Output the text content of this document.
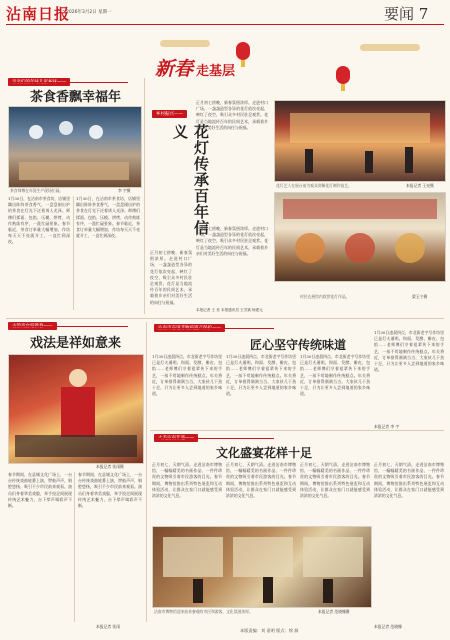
沾南日报
2026年3月2日 星期一	要闻 7
新春 走基层
茶食香飘幸福年
茶食师傅在年货生产现场忙碌。	李 宇摄
1月30日，在沾南市茶食坊，店铺里飘出阵阵茶食香气，一盘盘刚出炉的茶食在灯光下泛着诱人光泽。师傅们揉面、包馅、压模、烘烤，动作熟练有序，一派忙碌景象。春节临近，茶食订单量大幅增加，作坊每天天不亮就开工，一直忙到深夜。
1月30日，在沾南市茶食坊，店铺里飘出阵阵茶食香气，一盘盘刚出炉的茶食在灯光下泛着诱人光泽。师傅们揉面、包馅、压模、烘烤，动作熟练有序，一派忙碌景象。春节临近，茶食订单量大幅增加，作坊每天天不亮就开工，一直忙到深夜。
乡村振兴——
花灯传承百年信义
正月初七傍晚，新春氛围浓厚。走进村口广场，一盏盏造型各异的花灯依次亮起，映红了夜空，吸引众多村民驻足观赏。花灯是当地流传百年的民间艺术，承载着乡亲们对美好生活的向往与祝福。
正月初七傍晚，新春氛围浓厚。走进村口广场，一盏盏造型各异的花灯依次亮起，映红了夜空，吸引众多村民驻足观赏。花灯是当地流传百年的民间艺术，承载着乡亲们对美好生活的向往与祝福。
正月初七傍晚，新春氛围浓厚。走进村口广场，一盏盏造型各异的花灯依次亮起，映红了夜空，吸引众多村民驻足观赏。花灯是当地流传百年的民间艺术，承载着乡亲们对美好生活的向往与祝福。
本报记者 王 亮 本报通讯员 王芳斌 杨建元
花灯艺人在展台前为观众讲解花灯制作技艺。	本报记者 王亮摄
村民在展馆内欣赏花灯作品。	梁玉宁摄
戏法是祥如意来
本报记者 张雨摄
春节期间，在县城文化广场上，一台台传统戏曲轮番上演，锣鼓声声，唱腔悠扬，吸引不少市民前来观看。演员们身着华美戏服，举手投足间展现传统艺术魅力，台下掌声喝彩声不断。
春节期间，在县城文化广场上，一台台传统戏曲轮番上演，锣鼓声声，唱腔悠扬，吸引不少市民前来观看。演员们身着华美戏服，举手投足间展现传统艺术魅力，台下掌声喝彩声不断。
本报记者 张雨
匠心坚守传统味道
1月30日凌晨四点，市北街老字号作坊里已是灯火通明。和面、发酵、擀皮、包馅……老师傅们守着祖辈传下来的手艺，一丝不苟地制作传统糕点。年关将近，订单排得满满当当，大家伙儿干劲十足，只为让更多人尝到地道的家乡味道。
1月30日凌晨四点，市北街老字号作坊里已是灯火通明。和面、发酵、擀皮、包馅……老师傅们守着祖辈传下来的手艺，一丝不苟地制作传统糕点。年关将近，订单排得满满当当，大家伙儿干劲十足，只为让更多人尝到地道的家乡味道。
1月30日凌晨四点，市北街老字号作坊里已是灯火通明。和面、发酵、擀皮、包馅……老师傅们守着祖辈传下来的手艺，一丝不苟地制作传统糕点。年关将近，订单排得满满当当，大家伙儿干劲十足，只为让更多人尝到地道的家乡味道。
1月30日凌晨四点，市北街老字号作坊里已是灯火通明。和面、发酵、擀皮、包馅……老师傅们守着祖辈传下来的手艺，一丝不苟地制作传统糕点。年关将近，订单排得满满当当，大家伙儿干劲十足，只为让更多人尝到地道的家乡味道。
本报记者 李 宇
文化盛宴花样十足
正月初七，天朗气清。走进沾南市博物馆，一幅幅精美的书画作品、一件件珍贵的文物吸引着市民游客的目光。春节期间，博物馆推出系列特色展览和互动体验活动，让群众在家门口就能感受到浓浓的文化气息。
正月初七，天朗气清。走进沾南市博物馆，一幅幅精美的书画作品、一件件珍贵的文物吸引着市民游客的目光。春节期间，博物馆推出系列特色展览和互动体验活动，让群众在家门口就能感受到浓浓的文化气息。
正月初七，天朗气清。走进沾南市博物馆，一幅幅精美的书画作品、一件件珍贵的文物吸引着市民游客的目光。春节期间，博物馆推出系列特色展览和互动体验活动，让群众在家门口就能感受到浓浓的文化气息。
正月初七，天朗气清。走进沾南市博物馆，一幅幅精美的书画作品、一件件珍贵的文物吸引着市民游客的目光。春节期间，博物馆推出系列特色展览和互动体验活动，让群众在家门口就能感受到浓浓的文化气息。
沾南市博物馆迎来前来参观的市民和游客，文化氛围浓厚。	本报记者 范晓娜摄
本报记者 范晓娜
本版责编：刘 嘉明 版式：徐 源
